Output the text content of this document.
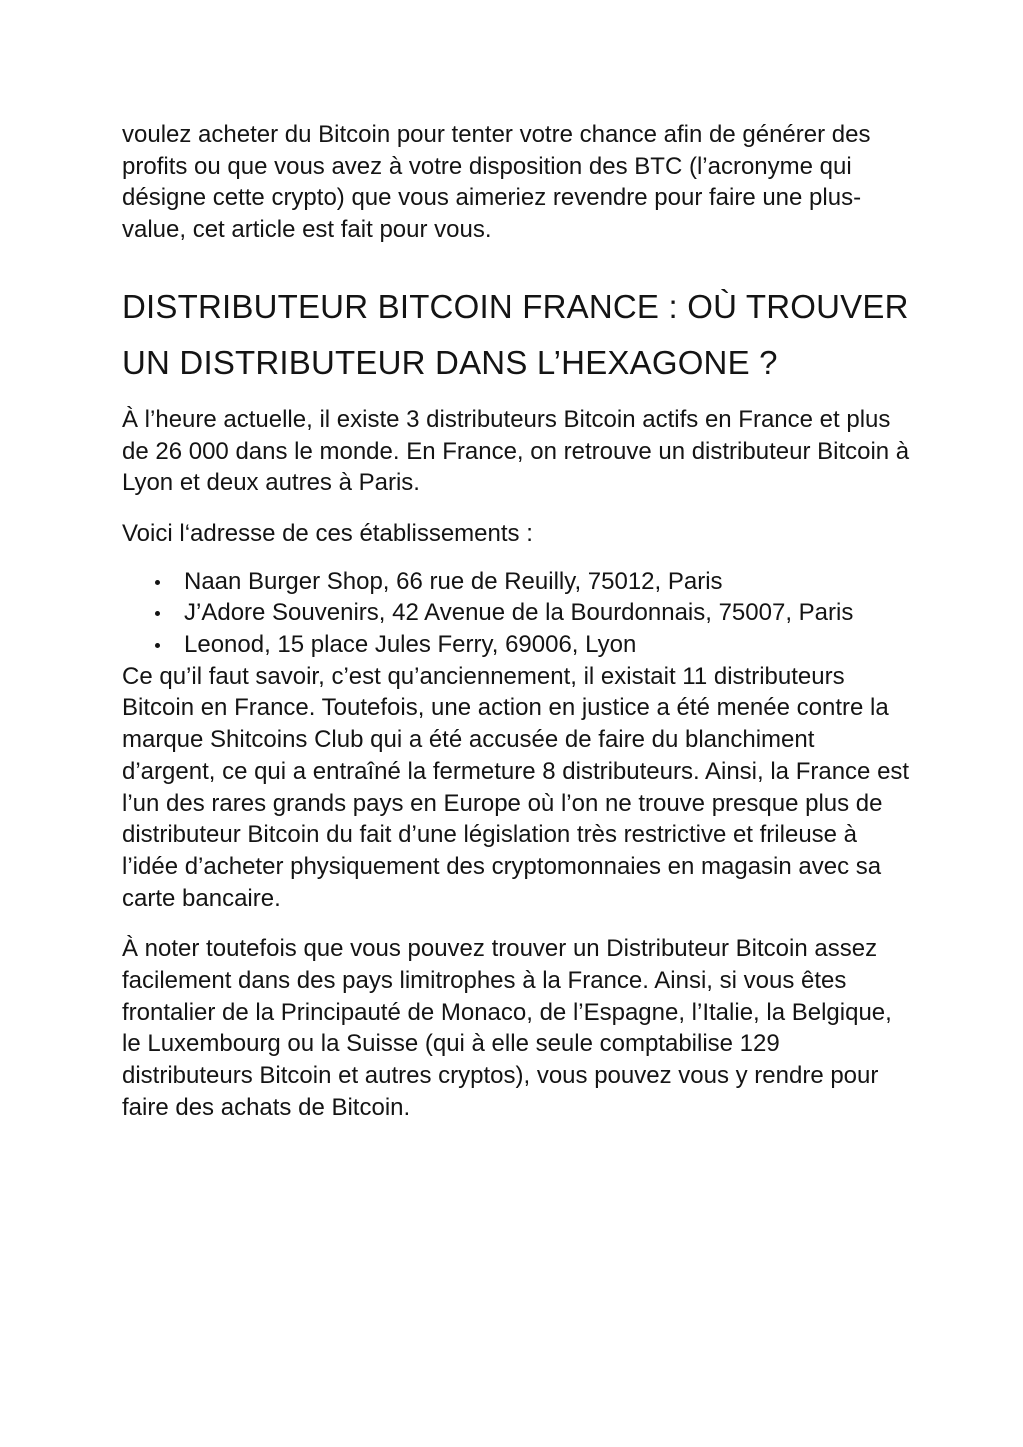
voulez acheter du Bitcoin pour tenter votre chance afin de générer des profits ou que vous avez à votre disposition des BTC (l’acronyme qui désigne cette crypto) que vous aimeriez revendre pour faire une plus-value, cet article est fait pour vous.

DISTRIBUTEUR BITCOIN FRANCE : OÙ TROUVER UN DISTRIBUTEUR DANS L’HEXAGONE ?

À l’heure actuelle, il existe 3 distributeurs Bitcoin actifs en France et plus de 26 000 dans le monde. En France, on retrouve un distributeur Bitcoin à Lyon et deux autres à Paris.

Voici l‘adresse de ces établissements :

Naan Burger Shop, 66 rue de Reuilly, 75012, Paris
J’Adore Souvenirs, 42 Avenue de la Bourdonnais, 75007, Paris
Leonod, 15 place Jules Ferry, 69006, Lyon

Ce qu’il faut savoir, c’est qu’anciennement, il existait 11 distributeurs Bitcoin en France. Toutefois, une action en justice a été menée contre la marque Shitcoins Club qui a été accusée de faire du blanchiment d’argent, ce qui a entraîné la fermeture 8 distributeurs. Ainsi, la France est l’un des rares grands pays en Europe où l’on ne trouve presque plus de distributeur Bitcoin du fait d’une législation très restrictive et frileuse à l’idée d’acheter physiquement des cryptomonnaies en magasin avec sa carte bancaire.

À noter toutefois que vous pouvez trouver un Distributeur Bitcoin assez facilement dans des pays limitrophes à la France. Ainsi, si vous êtes frontalier de la Principauté de Monaco, de l’Espagne, l’Italie, la Belgique, le Luxembourg ou la Suisse (qui à elle seule comptabilise 129 distributeurs Bitcoin et autres cryptos), vous pouvez vous y rendre pour faire des achats de Bitcoin.
